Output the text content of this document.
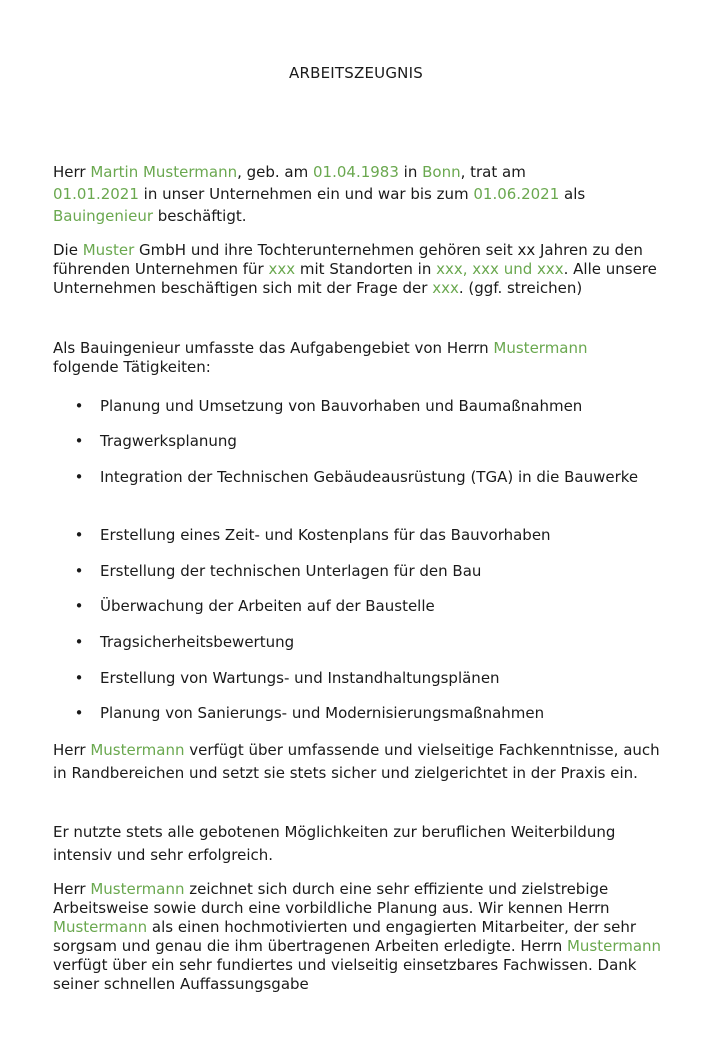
ARBEITSZEUGNIS

Herr Martin Mustermann, geb. am 01.04.1983 in Bonn, trat am
01.01.2021 in unser Unternehmen ein und war bis zum 01.06.2021 als
Bauingenieur beschäftigt.

Die Muster GmbH und ihre Tochterunternehmen gehören seit xx Jahren zu den führenden Unternehmen für xxx mit Standorten in xxx, xxx und xxx. Alle unsere Unternehmen beschäftigen sich mit der Frage der xxx. (ggf. streichen)

Als Bauingenieur umfasste das Aufgabengebiet von Herrn Mustermann
folgende Tätigkeiten:

• Planung und Umsetzung von Bauvorhaben und Baumaßnahmen
• Tragwerksplanung
• Integration der Technischen Gebäudeausrüstung (TGA) in die Bauwerke
• Erstellung eines Zeit- und Kostenplans für das Bauvorhaben
• Erstellung der technischen Unterlagen für den Bau
• Überwachung der Arbeiten auf der Baustelle
• Tragsicherheitsbewertung
• Erstellung von Wartungs- und Instandhaltungsplänen
• Planung von Sanierungs- und Modernisierungsmaßnahmen

Herr Mustermann verfügt über umfassende und vielseitige Fachkenntnisse, auch in Randbereichen und setzt sie stets sicher und zielgerichtet in der Praxis ein.

Er nutzte stets alle gebotenen Möglichkeiten zur beruflichen Weiterbildung intensiv und sehr erfolgreich.

Herr Mustermann zeichnet sich durch eine sehr effiziente und zielstrebige Arbeitsweise sowie durch eine vorbildliche Planung aus. Wir kennen Herrn Mustermann als einen hochmotivierten und engagierten Mitarbeiter, der sehr sorgsam und genau die ihm übertragenen Arbeiten erledigte. Herrn Mustermann verfügt über ein sehr fundiertes und vielseitig einsetzbares Fachwissen. Dank seiner schnellen Auffassungsgabe
